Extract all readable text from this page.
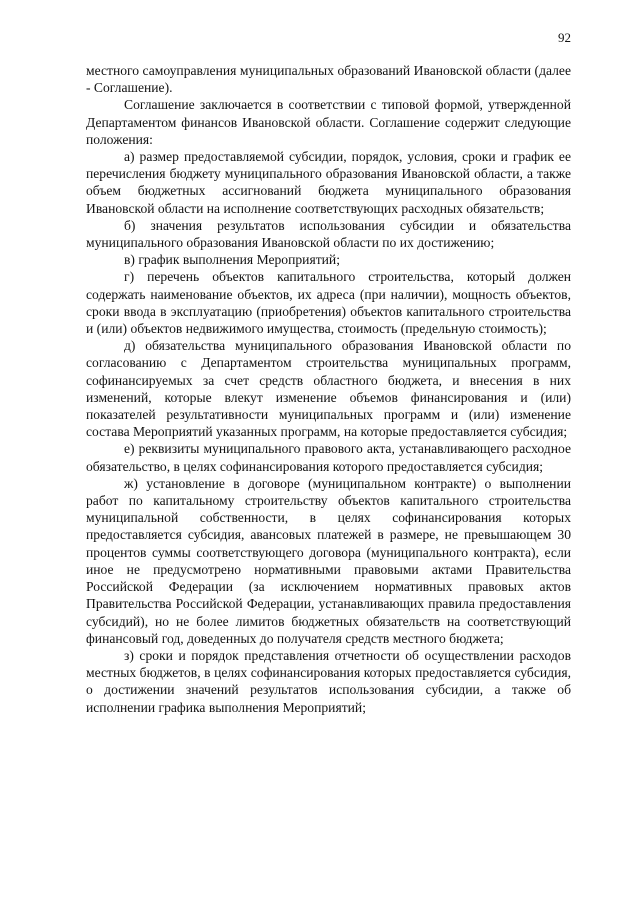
92

местного самоуправления муниципальных образований Ивановской области (далее - Соглашение).

Соглашение заключается в соответствии с типовой формой, утвержденной Департаментом финансов Ивановской области. Соглашение содержит следующие положения:

а) размер предоставляемой субсидии, порядок, условия, сроки и график ее перечисления бюджету муниципального образования Ивановской области, а также объем бюджетных ассигнований бюджета муниципального образования Ивановской области на исполнение соответствующих расходных обязательств;

б) значения результатов использования субсидии и обязательства муниципального образования Ивановской области по их достижению;

в) график выполнения Мероприятий;

г) перечень объектов капитального строительства, который должен содержать наименование объектов, их адреса (при наличии), мощность объектов, сроки ввода в эксплуатацию (приобретения) объектов капитального строительства и (или) объектов недвижимого имущества, стоимость (предельную стоимость);

д) обязательства муниципального образования Ивановской области по согласованию с Департаментом строительства муниципальных программ, софинансируемых за счет средств областного бюджета, и внесения в них изменений, которые влекут изменение объемов финансирования и (или) показателей результативности муниципальных программ и (или) изменение состава Мероприятий указанных программ, на которые предоставляется субсидия;

е) реквизиты муниципального правового акта, устанавливающего расходное обязательство, в целях софинансирования которого предоставляется субсидия;

ж) установление в договоре (муниципальном контракте) о выполнении работ по капитальному строительству объектов капитального строительства муниципальной собственности, в целях софинансирования которых предоставляется субсидия, авансовых платежей в размере, не превышающем 30 процентов суммы соответствующего договора (муниципального контракта), если иное не предусмотрено нормативными правовыми актами Правительства Российской Федерации (за исключением нормативных правовых актов Правительства Российской Федерации, устанавливающих правила предоставления субсидий), но не более лимитов бюджетных обязательств на соответствующий финансовый год, доведенных до получателя средств местного бюджета;

з) сроки и порядок представления отчетности об осуществлении расходов местных бюджетов, в целях софинансирования которых предоставляется субсидия, о достижении значений результатов использования субсидии, а также об исполнении графика выполнения Мероприятий;
